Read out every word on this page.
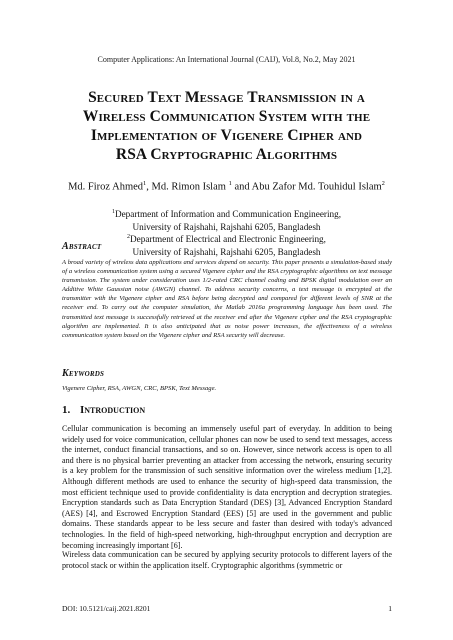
Computer Applications: An International Journal (CAIJ), Vol.8, No.2, May 2021
Secured Text Message Transmission in a
Wireless Communication System with the
Implementation of Vigenere Cipher and
RSA Cryptographic Algorithms
Md. Firoz Ahmed$^1$, Md. Rimon Islam $^1$ and Abu Zafor Md. Touhidul Islam$^2$
$^1$Department of Information and Communication Engineering,
University of Rajshahi, Rajshahi 6205, Bangladesh
$^2$Department of Electrical and Electronic Engineering,
University of Rajshahi, Rajshahi 6205, Bangladesh
Abstract
A broad variety of wireless data applications and services depend on security. This paper presents a simulation-based study of a wireless communication system using a secured Vigenere cipher and the RSA cryptographic algorithms on text message transmission. The system under consideration uses 1/2-rated CRC channel coding and BPSK digital modulation over an Additive White Gaussian noise (AWGN) channel. To address security concerns, a text message is encrypted at the transmitter with the Vigenere cipher and RSA before being decrypted and compared for different levels of SNR at the receiver end. To carry out the computer simulation, the Matlab 2016a programming language has been used. The transmitted text message is successfully retrieved at the receiver end after the Vigenere cipher and the RSA cryptographic algorithm are implemented. It is also anticipated that as noise power increases, the effectiveness of a wireless communication system based on the Vigenere cipher and RSA security will decrease.
Keywords
Vigenere Cipher, RSA, AWGN, CRC, BPSK, Text Message.
1. Introduction
Cellular communication is becoming an immensely useful part of everyday. In addition to being widely used for voice communication, cellular phones can now be used to send text messages, access the internet, conduct financial transactions, and so on. However, since network access is open to all and there is no physical barrier preventing an attacker from accessing the network, ensuring security is a key problem for the transmission of such sensitive information over the wireless medium [1,2]. Although different methods are used to enhance the security of high-speed data transmission, the most efficient technique used to provide confidentiality is data encryption and decryption strategies. Encryption standards such as Data Encryption Standard (DES) [3], Advanced Encryption Standard (AES) [4], and Escrowed Encryption Standard (EES) [5] are used in the government and public domains. These standards appear to be less secure and faster than desired with today's advanced technologies. In the field of high-speed networking, high-throughput encryption and decryption are becoming increasingly important [6].
Wireless data communication can be secured by applying security protocols to different layers of the protocol stack or within the application itself. Cryptographic algorithms (symmetric or
DOI: 10.5121/caij.2021.8201	1
